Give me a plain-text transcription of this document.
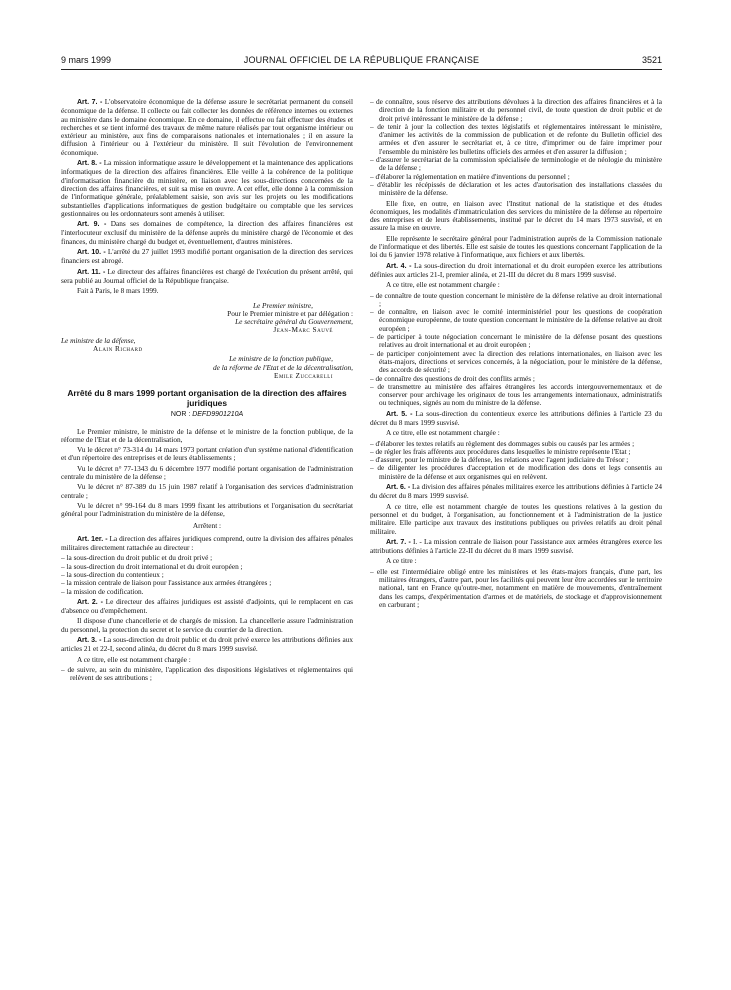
9 mars 1999	JOURNAL OFFICIEL DE LA RÉPUBLIQUE FRANÇAISE	3521

Art. 7. - L'observatoire économique de la défense assure le secrétariat permanent du conseil économique de la défense. Il collecte ou fait collecter les données de référence internes ou externes au ministère dans le domaine économique. En ce domaine, il effectue ou fait effectuer des études et recherches et se tient informé des travaux de même nature réalisés par tout organisme intérieur ou extérieur au ministère, aux fins de comparaisons nationales et internationales ; il en assure la diffusion à l'intérieur ou à l'extérieur du ministère. Il suit l'évolution de l'environnement économique.

Art. 8. - La mission informatique assure le développement et la maintenance des applications informatiques de la direction des affaires financières. Elle veille à la cohérence de la politique d'informatisation financière du ministère, en liaison avec les sous-directions concernées de la direction des affaires financières, et suit sa mise en œuvre. A cet effet, elle donne à la commission de l'informatique générale, préalablement saisie, son avis sur les projets ou les modifications substantielles d'applications informatiques de gestion budgétaire ou comptable que les services gestionnaires ou les ordonnateurs sont amenés à utiliser.

Art. 9. - Dans ses domaines de compétence, la direction des affaires financières est l'interlocuteur exclusif du ministère de la défense auprès du ministère chargé de l'économie et des finances, du ministère chargé du budget et, éventuellement, d'autres ministères.

Art. 10. - L'arrêté du 27 juillet 1993 modifié portant organisation de la direction des services financiers est abrogé.

Art. 11. - Le directeur des affaires financières est chargé de l'exécution du présent arrêté, qui sera publié au Journal officiel de la République française.

Fait à Paris, le 8 mars 1999.

Le Premier ministre,

Pour le Premier ministre et par délégation :

Le secrétaire général du Gouvernement,

Jean-Marc Sauvé

Le ministre de la défense,

Alain Richard

Le ministre de la fonction publique,

de la réforme de l'Etat et de la décentralisation,

Emile Zuccarelli

Arrêté du 8 mars 1999 portant organisation de la direction des affaires juridiques
NOR : DEFD9901210A

Le Premier ministre, le ministre de la défense et le ministre de la fonction publique, de la réforme de l'Etat et de la décentralisation,

Vu le décret n° 73-314 du 14 mars 1973 portant création d'un système national d'identification et d'un répertoire des entreprises et de leurs établissements ;

Vu le décret n° 77-1343 du 6 décembre 1977 modifié portant organisation de l'administration centrale du ministère de la défense ;

Vu le décret n° 87-389 du 15 juin 1987 relatif à l'organisation des services d'administration centrale ;

Vu le décret n° 99-164 du 8 mars 1999 fixant les attributions et l'organisation du secrétariat général pour l'administration du ministère de la défense,

Arrêtent :

Art. 1er. - La direction des affaires juridiques comprend, outre la division des affaires pénales militaires directement rattachée au directeur :

– la sous-direction du droit public et du droit privé ;
– la sous-direction du droit international et du droit européen ;
– la sous-direction du contentieux ;
– la mission centrale de liaison pour l'assistance aux armées étrangères ;
– la mission de codification.

Art. 2. - Le directeur des affaires juridiques est assisté d'adjoints, qui le remplacent en cas d'absence ou d'empêchement.

Il dispose d'une chancellerie et de chargés de mission. La chancellerie assure l'administration du personnel, la protection du secret et le service du courrier de la direction.

Art. 3. - La sous-direction du droit public et du droit privé exerce les attributions définies aux articles 21 et 22-I, second alinéa, du décret du 8 mars 1999 susvisé.

A ce titre, elle est notamment chargée :

– de suivre, au sein du ministère, l'application des dispositions législatives et réglementaires qui relèvent de ses attributions ;
– de connaître, sous réserve des attributions dévolues à la direction des affaires financières et à la direction de la fonction militaire et du personnel civil, de toute question de droit public et de droit privé intéressant le ministère de la défense ;
– de tenir à jour la collection des textes législatifs et réglementaires intéressant le ministère, d'animer les activités de la commission de publication et de refonte du Bulletin officiel des armées et d'en assurer le secrétariat et, à ce titre, d'imprimer ou de faire imprimer pour l'ensemble du ministère les bulletins officiels des armées et d'en assurer la diffusion ;
– d'assurer le secrétariat de la commission spécialisée de terminologie et de néologie du ministère de la défense ;
– d'élaborer la réglementation en matière d'inventions du personnel ;
– d'établir les récépissés de déclaration et les actes d'autorisation des installations classées du ministère de la défense.

Elle fixe, en outre, en liaison avec l'Institut national de la statistique et des études économiques, les modalités d'immatriculation des services du ministère de la défense au répertoire des entreprises et de leurs établissements, institué par le décret du 14 mars 1973 susvisé, et en assure la mise en œuvre.

Elle représente le secrétaire général pour l'administration auprès de la Commission nationale de l'informatique et des libertés. Elle est saisie de toutes les questions concernant l'application de la loi du 6 janvier 1978 relative à l'informatique, aux fichiers et aux libertés.

Art. 4. - La sous-direction du droit international et du droit européen exerce les attributions définies aux articles 21-I, premier alinéa, et 21-III du décret du 8 mars 1999 susvisé.

A ce titre, elle est notamment chargée :

– de connaître de toute question concernant le ministère de la défense relative au droit international ;
– de connaître, en liaison avec le comité interministériel pour les questions de coopération économique européenne, de toute question concernant le ministère de la défense relative au droit européen ;
– de participer à toute négociation concernant le ministère de la défense posant des questions relatives au droit international et au droit européen ;
– de participer conjointement avec la direction des relations internationales, en liaison avec les états-majors, directions et services concernés, à la négociation, pour le ministère de la défense, des accords de sécurité ;
– de connaître des questions de droit des conflits armés ;
– de transmettre au ministère des affaires étrangères les accords intergouvernementaux et de conserver pour archivage les originaux de tous les arrangements internationaux, administratifs ou techniques, signés au nom du ministre de la défense.

Art. 5. - La sous-direction du contentieux exerce les attributions définies à l'article 23 du décret du 8 mars 1999 susvisé.

A ce titre, elle est notamment chargée :

– d'élaborer les textes relatifs au règlement des dommages subis ou causés par les armées ;
– de régler les frais afférents aux procédures dans lesquelles le ministre représente l'Etat ;
– d'assurer, pour le ministre de la défense, les relations avec l'agent judiciaire du Trésor ;
– de diligenter les procédures d'acceptation et de modification des dons et legs consentis au ministère de la défense et aux organismes qui en relèvent.

Art. 6. - La division des affaires pénales militaires exerce les attributions définies à l'article 24 du décret du 8 mars 1999 susvisé.

A ce titre, elle est notamment chargée de toutes les questions relatives à la gestion du personnel et du budget, à l'organisation, au fonctionnement et à l'administration de la justice militaire. Elle participe aux travaux des institutions publiques ou privées relatifs au droit pénal militaire.

Art. 7. - I. - La mission centrale de liaison pour l'assistance aux armées étrangères exerce les attributions définies à l'article 22-II du décret du 8 mars 1999 susvisé.

A ce titre :

– elle est l'intermédiaire obligé entre les ministères et les états-majors français, d'une part, les militaires étrangers, d'autre part, pour les facilités qui peuvent leur être accordées sur le territoire national, tant en France qu'outre-mer, notamment en matière de mouvements, d'entraînement dans les camps, d'expérimentation d'armes et de matériels, de stockage et d'approvisionnement en carburant ;
